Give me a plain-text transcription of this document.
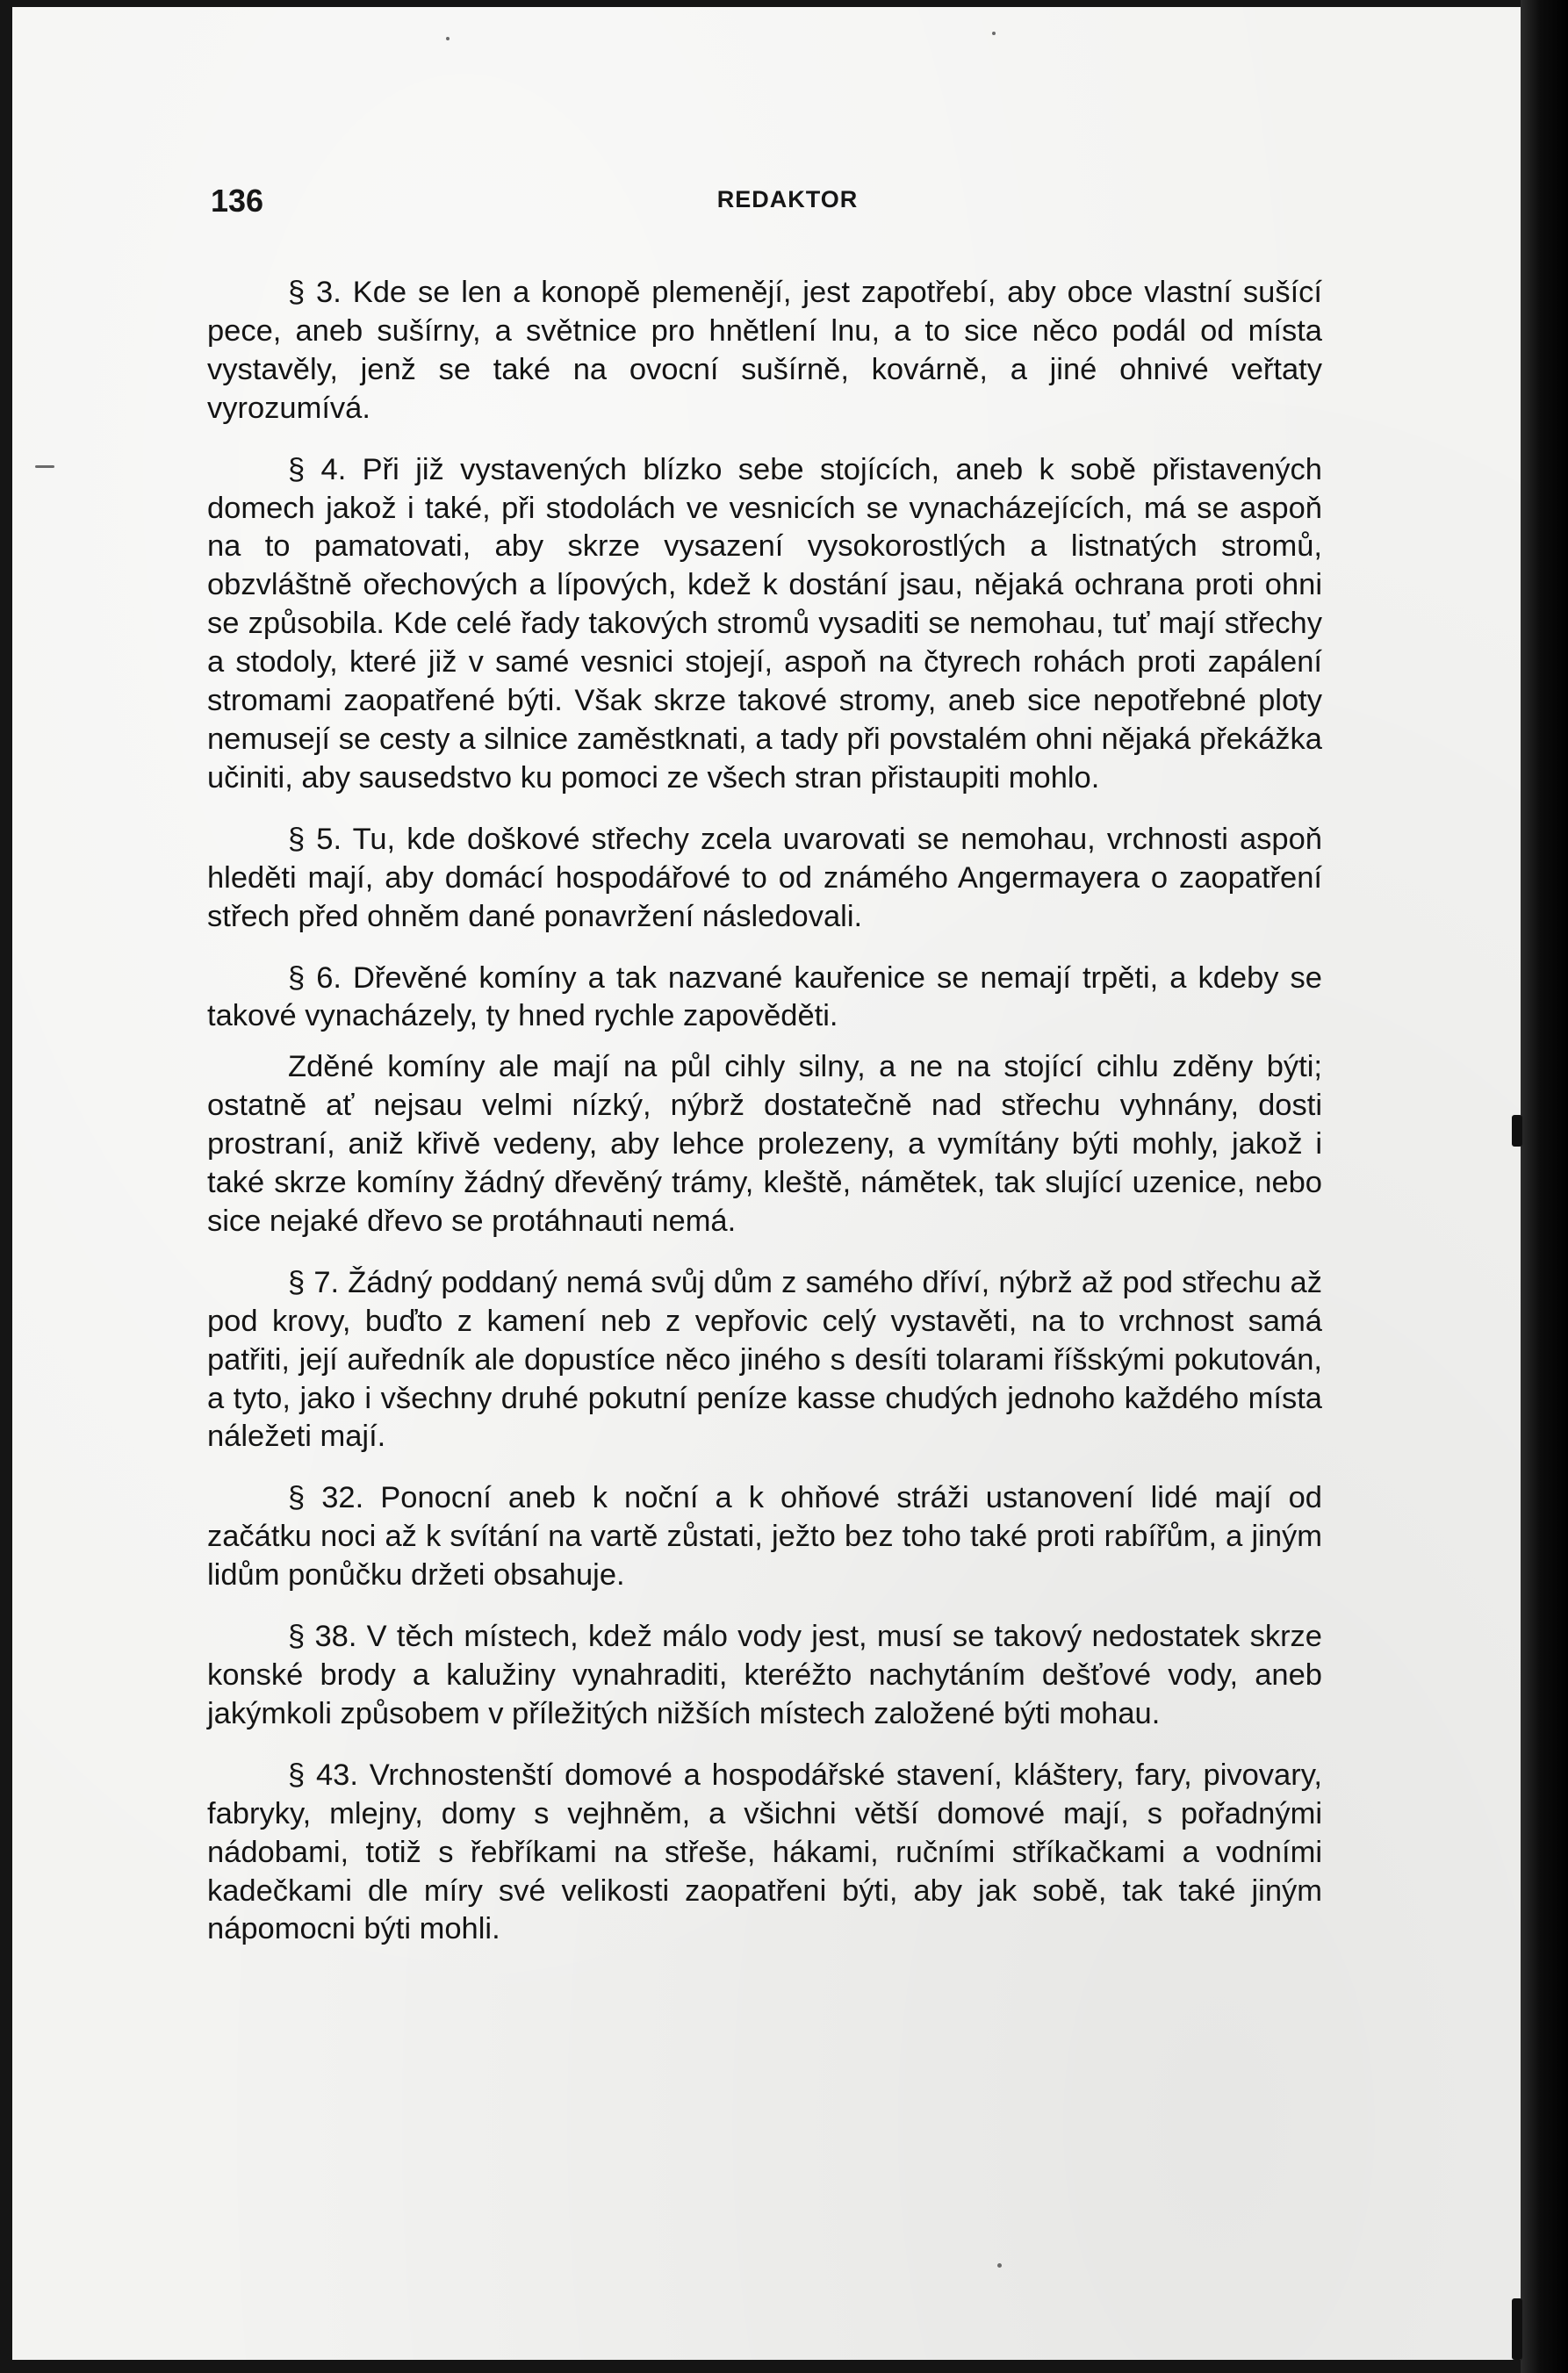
136	REDAKTOR

§ 3. Kde se len a konopě plemenějí, jest zapotřebí, aby obce vlastní sušící pece, aneb sušírny, a světnice pro hnětlení lnu, a to sice něco podál od místa vystavěly, jenž se také na ovocní sušírně, kovárně, a jiné ohnivé veřtaty vyrozumívá.

§ 4. Při již vystavených blízko sebe stojících, aneb k sobě přistavených domech jakož i také, při stodolách ve vesnicích se vynacházejících, má se aspoň na to pamatovati, aby skrze vysazení vysokorostlých a listnatých stromů, obzvláštně ořechových a lípových, kdež k dostání jsau, nějaká ochrana proti ohni se způsobila. Kde celé řady takových stromů vysaditi se nemohau, tuť mají střechy a stodoly, které již v samé vesnici stojejí, aspoň na čtyrech rohách proti zapálení stromami zaopatřené býti. Však skrze takové stromy, aneb sice nepotřebné ploty nemusejí se cesty a silnice zaměstknati, a tady při povstalém ohni nějaká překážka učiniti, aby sausedstvo ku pomoci ze všech stran přistaupiti mohlo.

§ 5. Tu, kde doškové střechy zcela uvarovati se nemohau, vrchnosti aspoň hleděti mají, aby domácí hospodářové to od známého Angermayera o zaopatření střech před ohněm dané ponavržení následovali.

§ 6. Dřevěné komíny a tak nazvané kauřenice se nemají trpěti, a kdeby se takové vynacházely, ty hned rychle zapověděti.

Zděné komíny ale mají na půl cihly silny, a ne na stojící cihlu zděny býti; ostatně ať nejsau velmi nízký, nýbrž dostatečně nad střechu vyhnány, dosti prostraní, aniž křivě vedeny, aby lehce prolezeny, a vymítány býti mohly, jakož i také skrze komíny žádný dřevěný trámy, kleště, námětek, tak slující uzenice, nebo sice nejaké dřevo se protáhnauti nemá.

§ 7. Žádný poddaný nemá svůj dům z samého dříví, nýbrž až pod střechu až pod krovy, buďto z kamení neb z vepřovic celý vystavěti, na to vrchnost samá patřiti, její auředník ale dopustíce něco jiného s desíti tolarami říšskými pokutován, a tyto, jako i všechny druhé pokutní peníze kasse chudých jednoho každého místa náležeti mají.

§ 32. Ponocní aneb k noční a k ohňové stráži ustanovení lidé mají od začátku noci až k svítání na vartě zůstati, ježto bez toho také proti rabířům, a jiným lidům ponůčku držeti obsahuje.

§ 38. V těch místech, kdež málo vody jest, musí se takový nedostatek skrze konské brody a kalužiny vynahraditi, kteréžto nachytáním dešťové vody, aneb jakýmkoli způsobem v příležitých nižších místech založené býti mohau.

§ 43. Vrchnostenští domové a hospodářské stavení, kláštery, fary, pivovary, fabryky, mlejny, domy s vejhněm, a všichni větší domové mají, s pořadnými nádobami, totiž s řebříkami na střeše, hákami, ručními stříkačkami a vodními kadečkami dle míry své velikosti zaopatřeni býti, aby jak sobě, tak také jiným nápomocni býti mohli.
